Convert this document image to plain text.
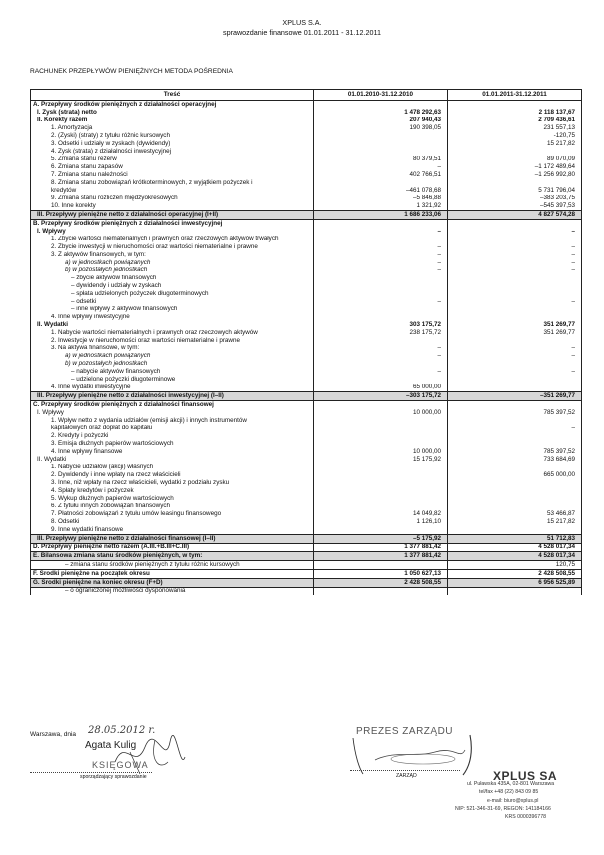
XPLUS S.A.
sprawozdanie finansowe 01.01.2011 - 31.12.2011
RACHUNEK PRZEPŁYWÓW PIENIĘŻNYCH METODA POŚREDNIA
Treść	01.01.2010-31.12.2010	01.01.2011-31.12.2011
A. Przepływy środków pieniężnych z działalności operacyjnej		
I. Zysk (strata) netto	1 478 292,63	2 118 137,67
II. Korekty razem	207 940,43	2 709 436,61
1. Amortyzacja	190 398,05	231 557,13
2. (Zyski) (straty) z tytułu różnic kursowych		-120,75
3. Odsetki i udziały w zyskach (dywidendy)		15 217,82
4. Zysk (strata) z działalności inwestycyjnej		
5. Zmiana stanu rezerw	80 379,51	89 070,09
6. Zmiana stanu zapasów	–	–1 172 489,64
7. Zmiana stanu należności	402 766,51	–1 256 992,80
8. Zmiana stanu zobowiązań krótkoterminowych, z wyjątkiem pożyczek i		
kredytów	–461 078,68	5 731 796,04
9. Zmiana stanu rozliczeń międzyokresowych	–5 846,88	–383 203,75
10. Inne korekty	1 321,92	–545 397,53
III. Przepływy pieniężne netto z działalności operacyjnej (I+II)	1 686 233,06	4 827 574,28
B. Przepływy środków pieniężnych z działalności inwestycyjnej		
I. Wpływy	–	–
1. Zbycie wartości niematerialnych i prawnych oraz rzeczowych aktywów trwałych		
2. Zbycie inwestycji w nieruchomości oraz wartości niematerialne i prawne	–	–
3. Z aktywów finansowych, w tym:	–	–
a) w jednostkach powiązanych	–	–
b) w pozostałych jednostkach	–	–
– zbycie aktywów finansowych		
– dywidendy i udziały w zyskach		
– spłata udzielonych pożyczek długoterminowych		
– odsetki	–	–
– inne wpływy z aktywów finansowych		
4. Inne wpływy inwestycyjne		
II. Wydatki	303 175,72	351 269,77
1. Nabycie wartości niematerialnych i prawnych oraz rzeczowych aktywów	238 175,72	351 269,77
2. Inwestycje w nieruchomości oraz wartości niematerialne i prawne		
3. Na aktywa finansowe, w tym:	–	–
a) w jednostkach powiązanych	–	–
b) w pozostałych jednostkach		
– nabycie aktywów finansowych	–	–
– udzielone pożyczki długoterminowe		
4. Inne wydatki inwestycyjne	65 000,00	
III. Przepływy pieniężne netto z działalności inwestycyjnej (I–II)	–303 175,72	–351 269,77
C. Przepływy środków pieniężnych z działalności finansowej		
I. Wpływy	10 000,00	785 397,52
1. Wpływ netto z wydania udziałów (emisji akcji) i innych instrumentów		
kapitałowych oraz dopłat do kapitału		–
2. Kredyty i pożyczki		
3. Emisja dłużnych papierów wartościowych		
4. Inne wpływy finansowe	10 000,00	785 397,52
II. Wydatki	15 175,92	733 684,69
1. Nabycie udziałów (akcji) własnych		
2. Dywidendy i inne wpłaty na rzecz właścicieli		665 000,00
3. Inne, niż wpłaty na rzecz właścicieli, wydatki z podziału zysku		
4. Spłaty kredytów i pożyczek		
5. Wykup dłużnych papierów wartościowych		
6. Z tytułu innych zobowiązań finansowych		
7. Płatności zobowiązań z tytułu umów leasingu finansowego	14 049,82	53 466,87
8. Odsetki	1 126,10	15 217,82
9. Inne wydatki finansowe		
III. Przepływy pieniężne netto z działalności finansowej (I–II)	–5 175,92	51 712,83
D. Przepływy pieniężne netto razem (A.III.+B.III+C.III)	1 377 881,42	4 528 017,34
E. Bilansowa zmiana stanu środków pieniężnych, w tym:	1 377 881,42	4 528 017,34
– zmiana stanu środków pieniężnych z tytułu różnic kursowych		120,75
F. Środki pieniężne na początek okresu	1 050 627,13	2 428 508,55
G. Środki pieniężne na koniec okresu (F+D)	2 428 508,55	6 956 525,89
– o ograniczonej możliwości dysponowania		
Warszawa, dnia 28.05.2012 r.
Agata Kulig
KSIĘGOWA
sporządzający sprawozdanie
PREZES ZARZĄDU
ZARZĄD	XPLUS SA
ul. Puławska 435A, 02-801 Warszawa
tel/fax +48 (22) 843 09 85
e-mail: biuro@xplus.pl
NIP: 521-346-31-69, REGON: 141184166
KRS 0000396778
